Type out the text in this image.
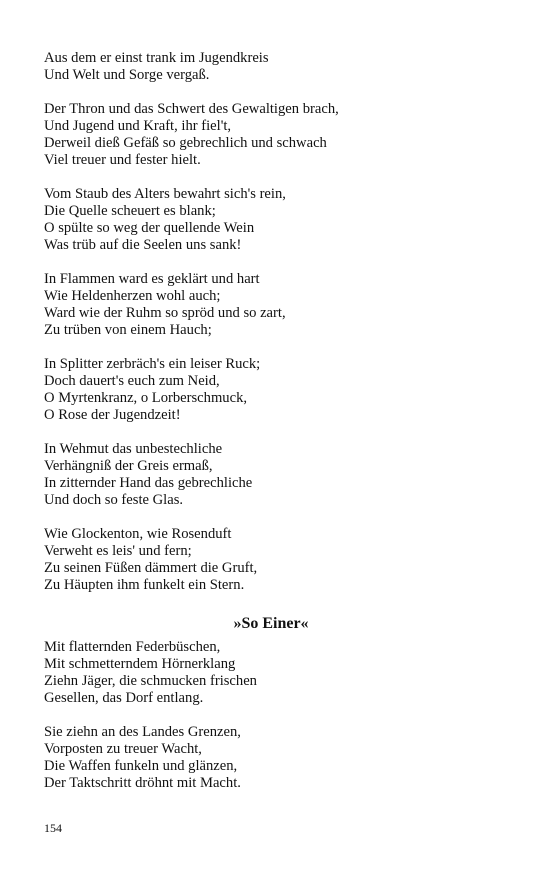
Aus dem er einst trank im Jugendkreis
Und Welt und Sorge vergaß.
Der Thron und das Schwert des Gewaltigen brach,
Und Jugend und Kraft, ihr fiel't,
Derweil dieß Gefäß so gebrechlich und schwach
Viel treuer und fester hielt.
Vom Staub des Alters bewahrt sich's rein,
Die Quelle scheuert es blank;
O spülte so weg der quellende Wein
Was trüb auf die Seelen uns sank!
In Flammen ward es geklärt und hart
Wie Heldenherzen wohl auch;
Ward wie der Ruhm so spröd und so zart,
Zu trüben von einem Hauch;
In Splitter zerbräch's ein leiser Ruck;
Doch dauert's euch zum Neid,
O Myrtenkranz, o Lorberschmuck,
O Rose der Jugendzeit!
In Wehmut das unbestechliche
Verhängniß der Greis ermaß,
In zitternder Hand das gebrechliche
Und doch so feste Glas.
Wie Glockenton, wie Rosenduft
Verweht es leis' und fern;
Zu seinen Füßen dämmert die Gruft,
Zu Häupten ihm funkelt ein Stern.
»So Einer«
Mit flatternden Federbüschen,
Mit schmetterndem Hörnerklang
Ziehn Jäger, die schmucken frischen
Gesellen, das Dorf entlang.
Sie ziehn an des Landes Grenzen,
Vorposten zu treuer Wacht,
Die Waffen funkeln und glänzen,
Der Taktschritt dröhnt mit Macht.
154
